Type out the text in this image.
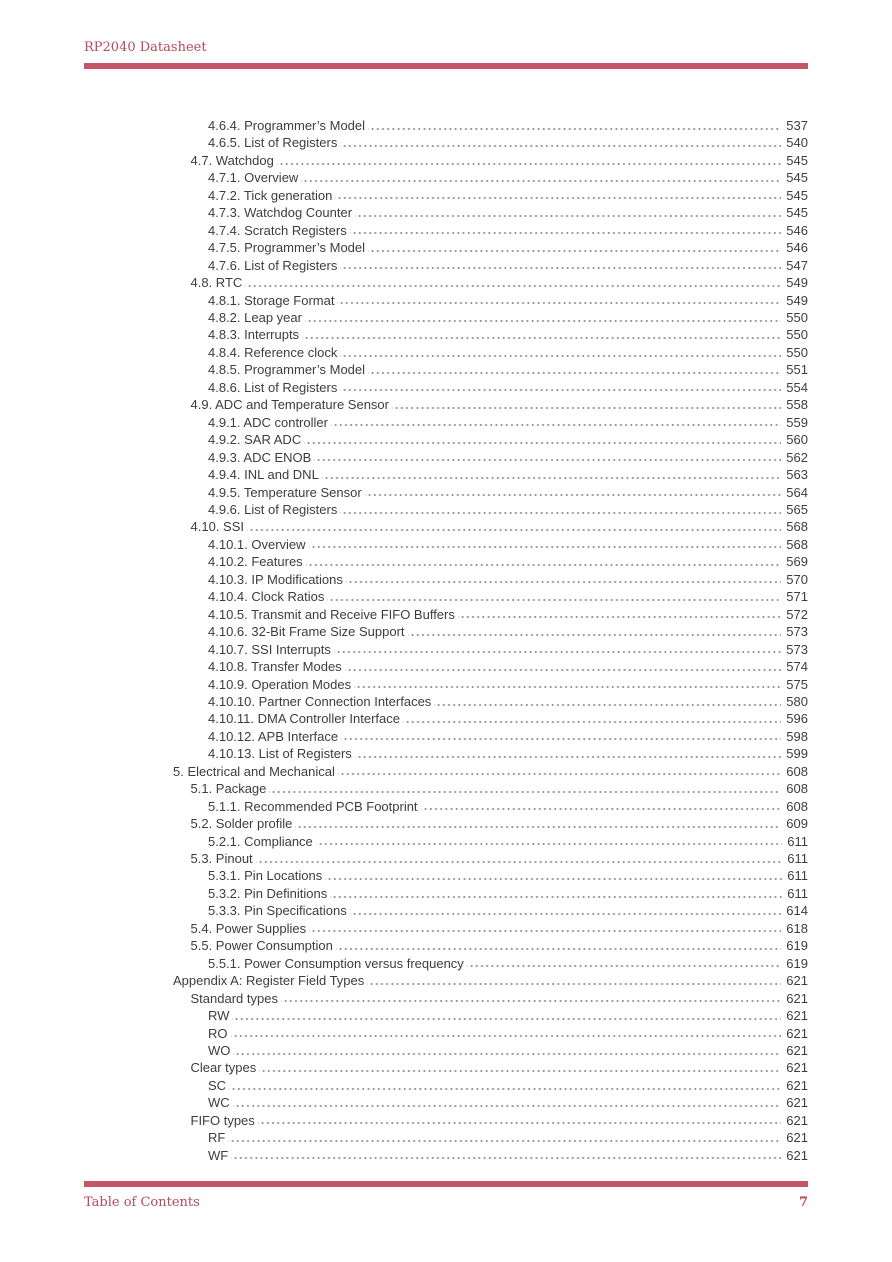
RP2040 Datasheet
4.6.4. Programmer’s Model	537
4.6.5. List of Registers	540
4.7. Watchdog	545
4.7.1. Overview	545
4.7.2. Tick generation	545
4.7.3. Watchdog Counter	545
4.7.4. Scratch Registers	546
4.7.5. Programmer’s Model	546
4.7.6. List of Registers	547
4.8. RTC	549
4.8.1. Storage Format	549
4.8.2. Leap year	550
4.8.3. Interrupts	550
4.8.4. Reference clock	550
4.8.5. Programmer’s Model	551
4.8.6. List of Registers	554
4.9. ADC and Temperature Sensor	558
4.9.1. ADC controller	559
4.9.2. SAR ADC	560
4.9.3. ADC ENOB	562
4.9.4. INL and DNL	563
4.9.5. Temperature Sensor	564
4.9.6. List of Registers	565
4.10. SSI	568
4.10.1. Overview	568
4.10.2. Features	569
4.10.3. IP Modifications	570
4.10.4. Clock Ratios	571
4.10.5. Transmit and Receive FIFO Buffers	572
4.10.6. 32-Bit Frame Size Support	573
4.10.7. SSI Interrupts	573
4.10.8. Transfer Modes	574
4.10.9. Operation Modes	575
4.10.10. Partner Connection Interfaces	580
4.10.11. DMA Controller Interface	596
4.10.12. APB Interface	598
4.10.13. List of Registers	599
5. Electrical and Mechanical	608
5.1. Package	608
5.1.1. Recommended PCB Footprint	608
5.2. Solder profile	609
5.2.1. Compliance	611
5.3. Pinout	611
5.3.1. Pin Locations	611
5.3.2. Pin Definitions	611
5.3.3. Pin Specifications	614
5.4. Power Supplies	618
5.5. Power Consumption	619
5.5.1. Power Consumption versus frequency	619
Appendix A: Register Field Types	621
Standard types	621
RW	621
RO	621
WO	621
Clear types	621
SC	621
WC	621
FIFO types	621
RF	621
WF	621
Table of Contents	7
